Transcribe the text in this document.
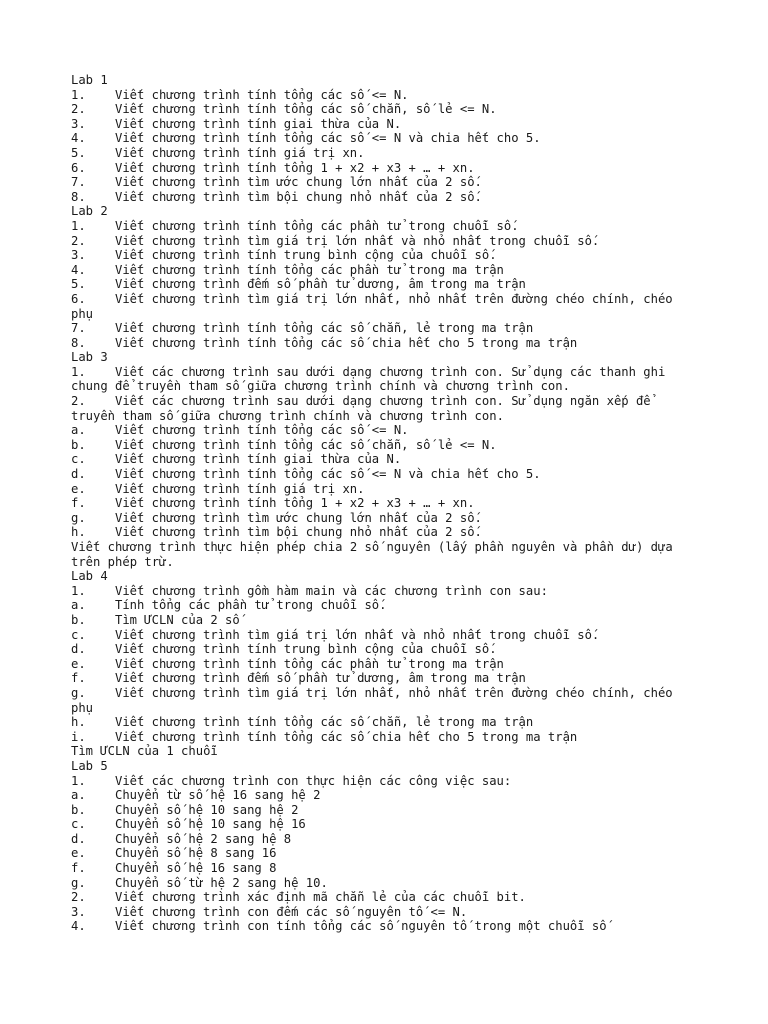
Lab 1
1.	Viết chương trình tính tổng các số <= N.
2.	Viết chương trình tính tổng các số chẵn, số lẻ <= N.
3.	Viết chương trình tính giai thừa của N.
4.	Viết chương trình tính tổng các số <= N và chia hết cho 5.
5.	Viết chương trình tính giá trị xn.
6.	Viết chương trình tính tổng 1 + x2 + x3 + … + xn.
7.	Viết chương trình tìm ước chung lớn nhất của 2 số.
8.	Viết chương trình tìm bội chung nhỏ nhất của 2 số.
Lab 2
1.	Viết chương trình tính tổng các phần tử trong chuỗi số.
2.	Viết chương trình tìm giá trị lớn nhất và nhỏ nhất trong chuỗi số.
3.	Viết chương trình tính trung bình cộng của chuỗi số.
4.	Viết chương trình tính tổng các phần tử trong ma trận
5.	Viết chương trình đếm số phần tử dương, âm trong ma trận
6.	Viết chương trình tìm giá trị lớn nhất, nhỏ nhất trên đường chéo chính, chéo
phụ
7.	Viết chương trình tính tổng các số chẵn, lẻ trong ma trận
8.	Viết chương trình tính tổng các số chia hết cho 5 trong ma trận
Lab 3
1.	Viết các chương trình sau dưới dạng chương trình con. Sử dụng các thanh ghi
chung để truyền tham số giữa chương trình chính và chương trình con.
2.	Viết các chương trình sau dưới dạng chương trình con. Sử dụng ngăn xếp để
truyền tham số giữa chương trình chính và chương trình con.
a.	Viết chương trình tính tổng các số <= N.
b.	Viết chương trình tính tổng các số chẵn, số lẻ <= N.
c.	Viết chương trình tính giai thừa của N.
d.	Viết chương trình tính tổng các số <= N và chia hết cho 5.
e.	Viết chương trình tính giá trị xn.
f.	Viết chương trình tính tổng 1 + x2 + x3 + … + xn.
g.	Viết chương trình tìm ước chung lớn nhất của 2 số.
h.	Viết chương trình tìm bội chung nhỏ nhất của 2 số.
Viết chương trình thực hiện phép chia 2 số nguyên (lấy phần nguyên và phần dư) dựa
trên phép trừ.
Lab 4
1.	Viết chương trình gồm hàm main và các chương trình con sau:
a.	Tính tổng các phần tử trong chuỗi số.
b.	Tìm ƯCLN của 2 số
c.	Viết chương trình tìm giá trị lớn nhất và nhỏ nhất trong chuỗi số.
d.	Viết chương trình tính trung bình cộng của chuỗi số.
e.	Viết chương trình tính tổng các phần tử trong ma trận
f.	Viết chương trình đếm số phần tử dương, âm trong ma trận
g.	Viết chương trình tìm giá trị lớn nhất, nhỏ nhất trên đường chéo chính, chéo
phụ
h.	Viết chương trình tính tổng các số chẵn, lẻ trong ma trận
i.	Viết chương trình tính tổng các số chia hết cho 5 trong ma trận
Tìm ƯCLN của 1 chuỗi
Lab 5
1.	Viết các chương trình con thực hiện các công việc sau:
a.	Chuyển từ số hệ 16 sang hệ 2
b.	Chuyển số hệ 10 sang hệ 2
c.	Chuyển số hệ 10 sang hệ 16
d.	Chuyển số hệ 2 sang hệ 8
e.	Chuyển số hệ 8 sang 16
f.	Chuyển số hệ 16 sang 8
g.	Chuyển số từ hệ 2 sang hệ 10.
2.	Viết chương trình xác định mã chẵn lẻ của các chuỗi bit.
3.	Viết chương trình con đếm các số nguyên tố <= N.
4.	Viết chương trình con tính tổng các số nguyên tố trong một chuỗi số
